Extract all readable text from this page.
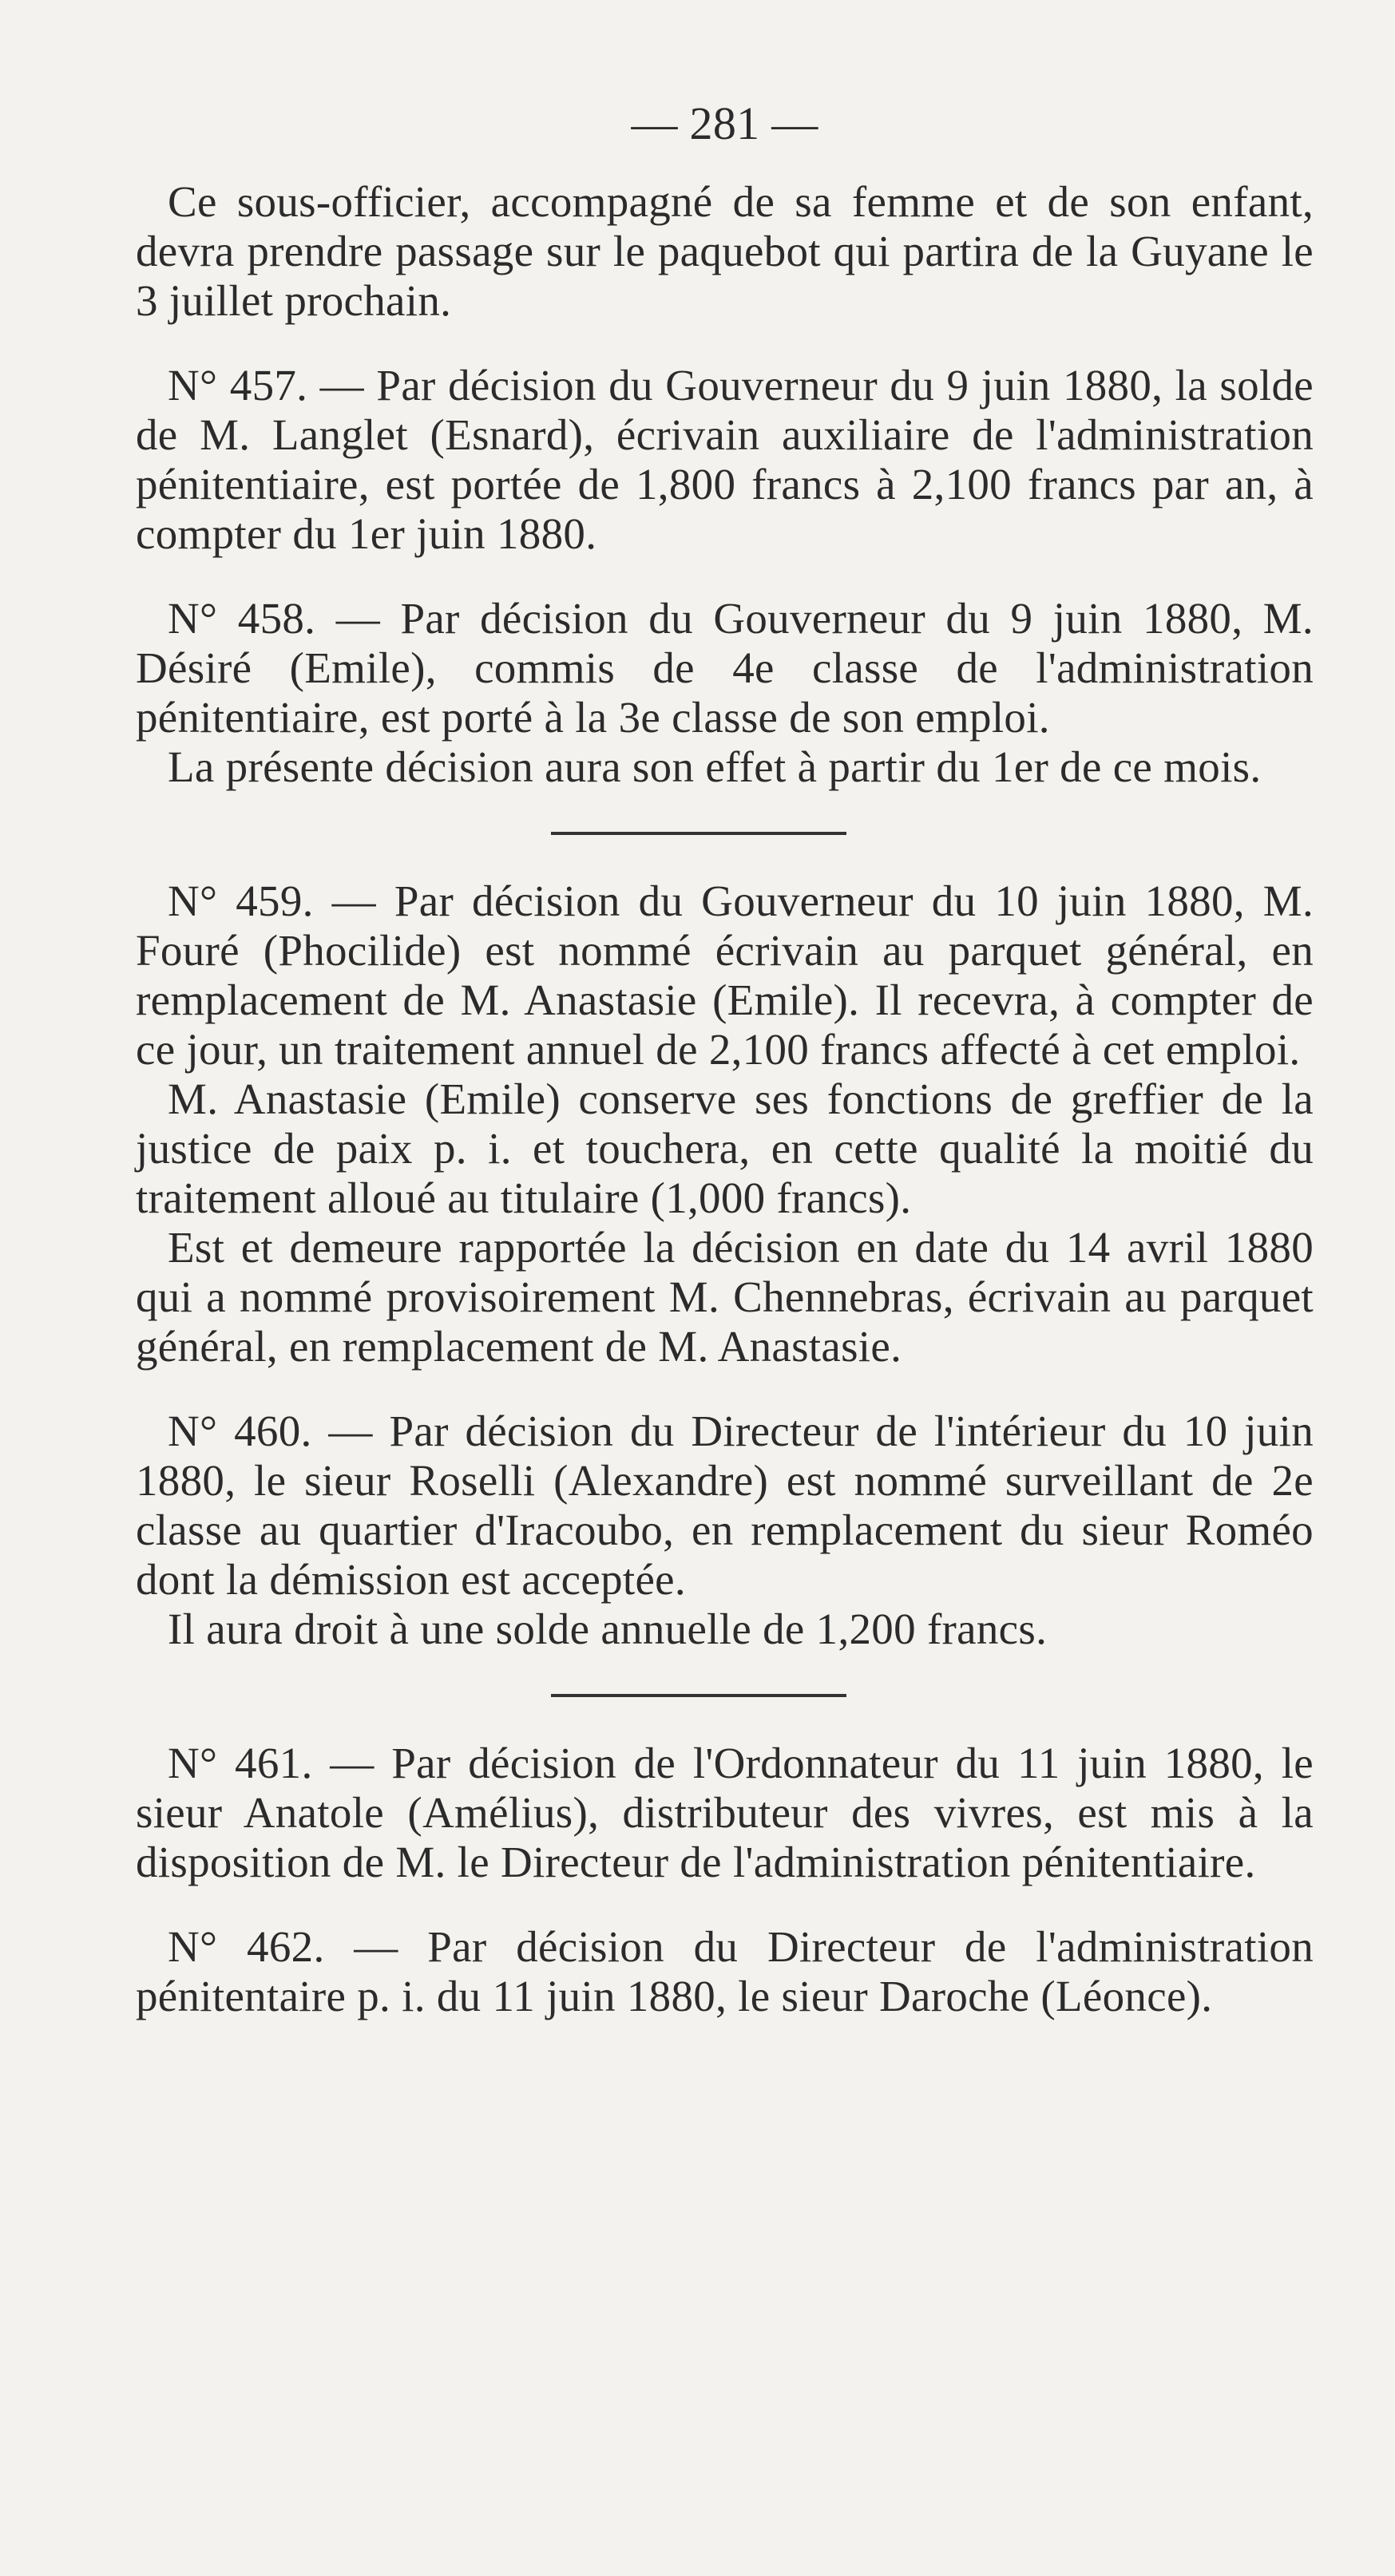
— 281 —

Ce sous-officier, accompagné de sa femme et de son enfant, devra prendre passage sur le paquebot qui partira de la Guyane le 3 juillet prochain.

N° 457. — Par décision du Gouverneur du 9 juin 1880, la solde de M. Langlet (Esnard), écrivain auxiliaire de l'administration pénitentiaire, est portée de 1,800 francs à 2,100 francs par an, à compter du 1er juin 1880.

N° 458. — Par décision du Gouverneur du 9 juin 1880, M. Désiré (Emile), commis de 4e classe de l'administration pénitentiaire, est porté à la 3e classe de son emploi.

La présente décision aura son effet à partir du 1er de ce mois.

N° 459. — Par décision du Gouverneur du 10 juin 1880, M. Fouré (Phocilide) est nommé écrivain au parquet général, en remplacement de M. Anastasie (Emile). Il recevra, à compter de ce jour, un traitement annuel de 2,100 francs affecté à cet emploi.

M. Anastasie (Emile) conserve ses fonctions de greffier de la justice de paix p. i. et touchera, en cette qualité la moitié du traitement alloué au titulaire (1,000 francs).

Est et demeure rapportée la décision en date du 14 avril 1880 qui a nommé provisoirement M. Chennebras, écrivain au parquet général, en remplacement de M. Anastasie.

N° 460. — Par décision du Directeur de l'intérieur du 10 juin 1880, le sieur Roselli (Alexandre) est nommé surveillant de 2e classe au quartier d'Iracoubo, en remplacement du sieur Roméo dont la démission est acceptée.

Il aura droit à une solde annuelle de 1,200 francs.

N° 461. — Par décision de l'Ordonnateur du 11 juin 1880, le sieur Anatole (Amélius), distributeur des vivres, est mis à la disposition de M. le Directeur de l'administration pénitentiaire.

N° 462. — Par décision du Directeur de l'administration pénitentaire p. i. du 11 juin 1880, le sieur Daroche (Léonce).
